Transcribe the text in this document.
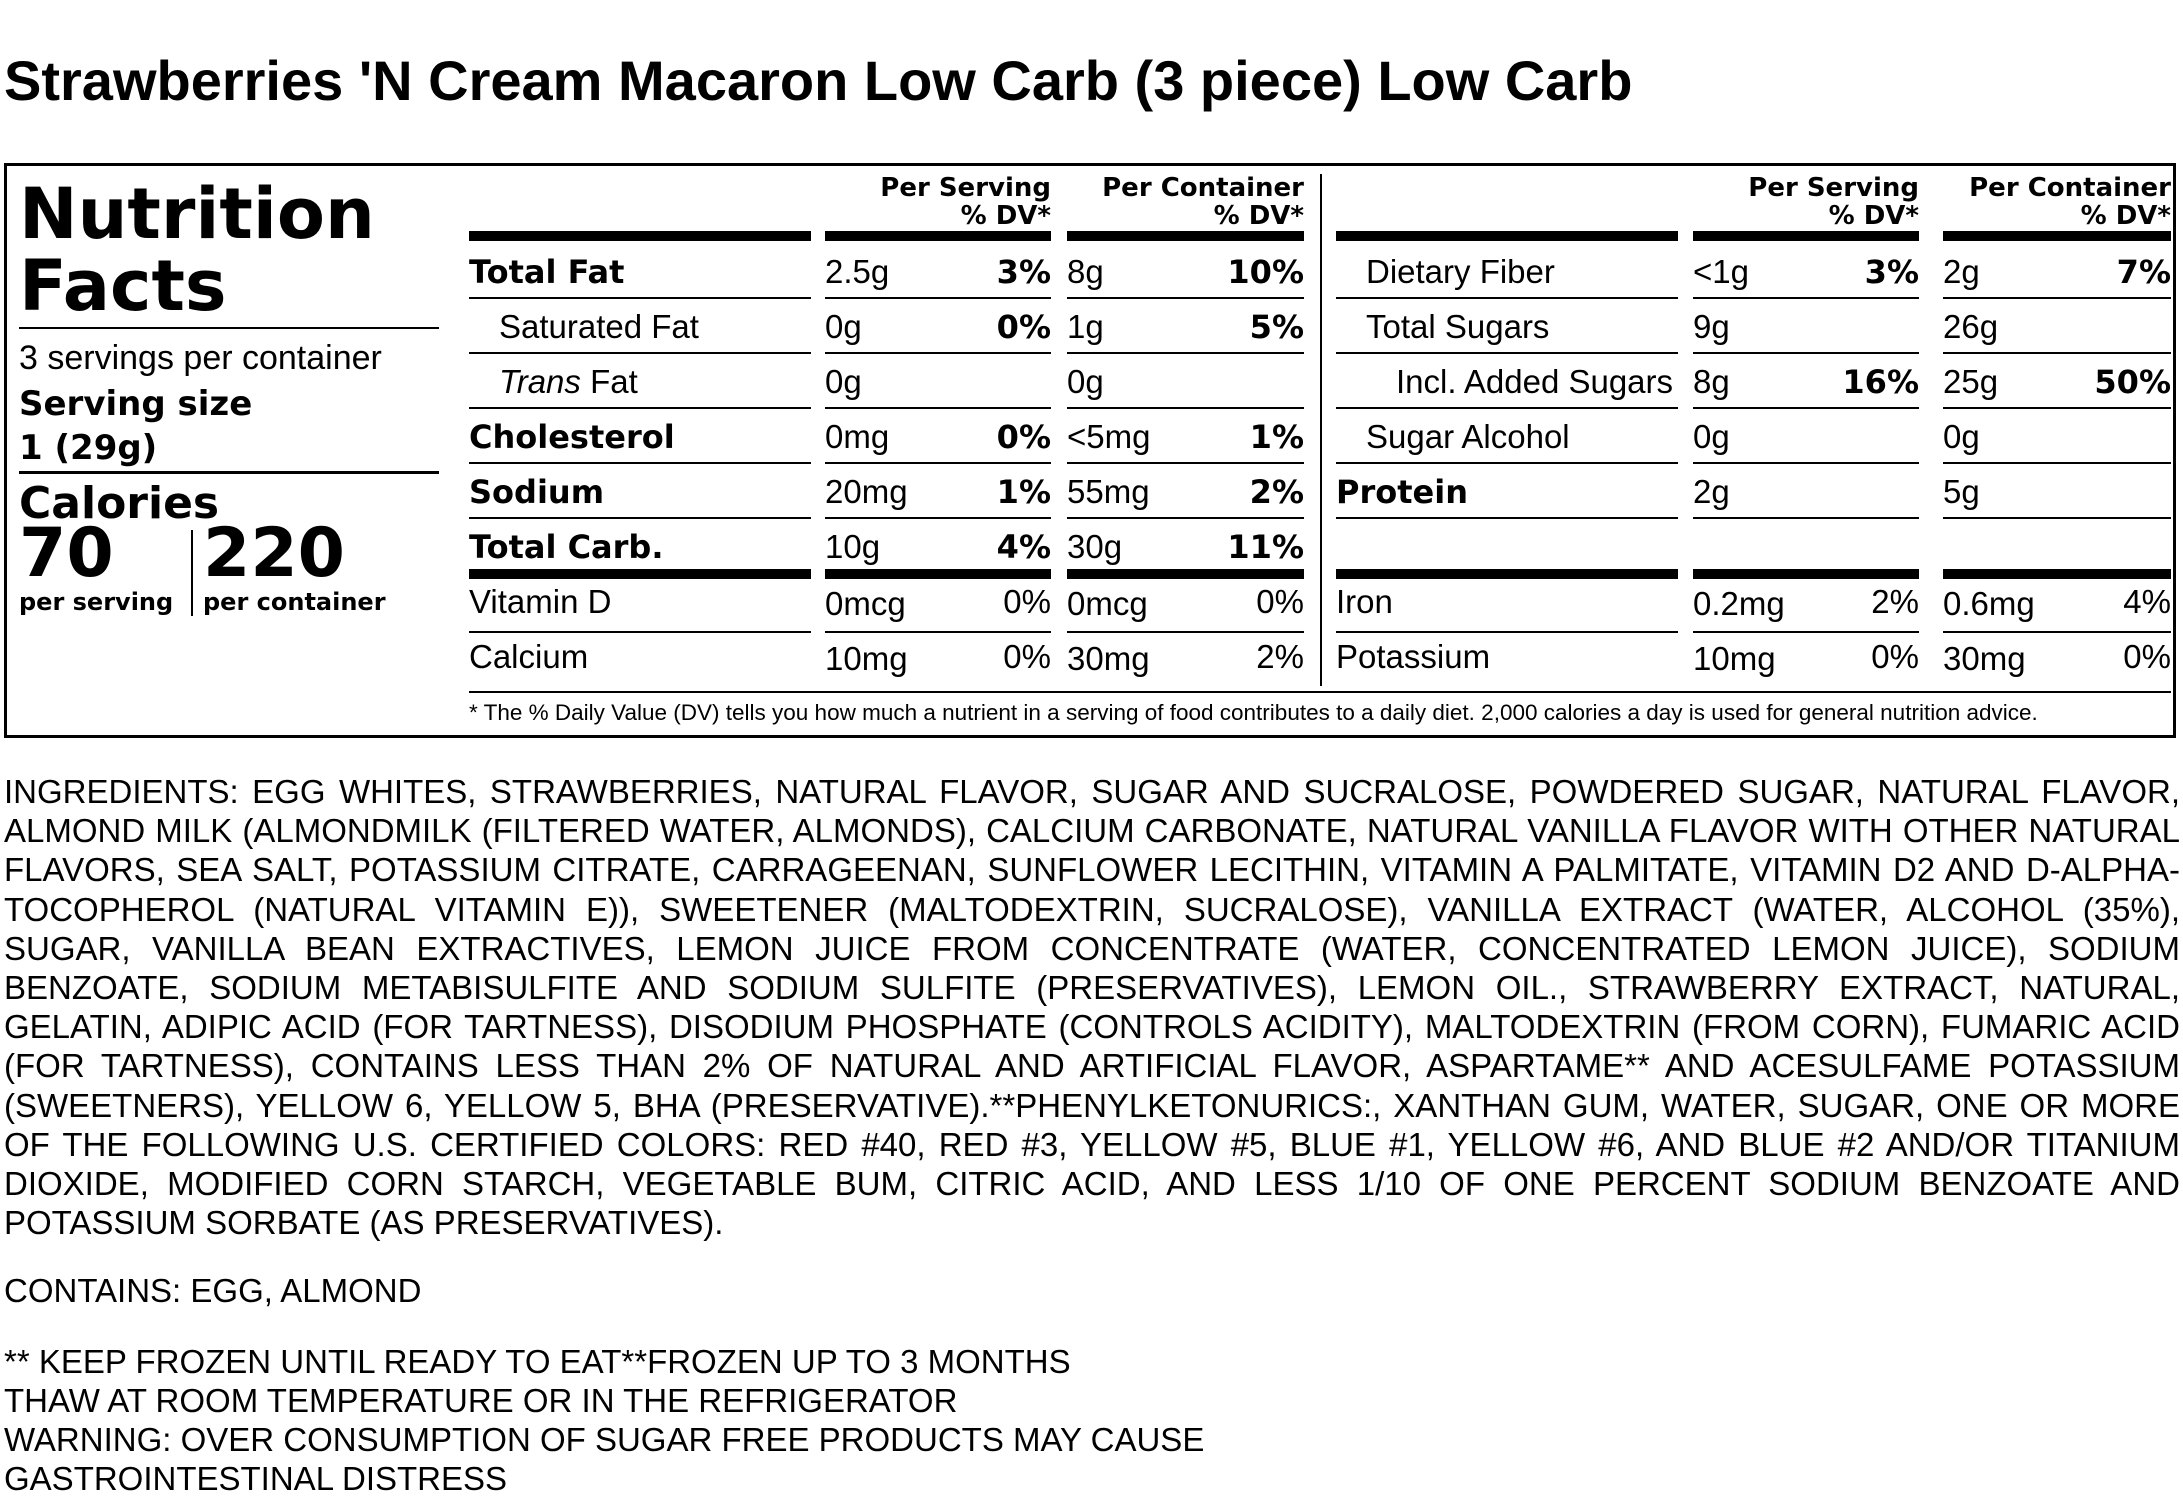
Strawberries 'N Cream Macaron Low Carb (3 piece) Low Carb
Nutrition
Facts
3 servings per container
Serving size
1 (29g)
Calories
70 220
per serving per container
Per Serving
% DV*
Per Container
% DV*
Per Serving
% DV*
Per Container
% DV*
Total Fat	2.5g	3% 8g	10%
Saturated Fat	0g	0% 1g	5%
Trans Fat	0g	0g
Cholesterol	0mg	0% <5mg	1%
Sodium	20mg	1% 55mg	2%
Total Carb.	10g	4% 30g	11%
Vitamin D	0mcg	0% 0mcg	0%
Calcium	10mg	0% 30mg	2%
Dietary Fiber	<1g	3% 2g	7%
Total Sugars	9g	26g
Incl. Added Sugars 8g	16% 25g	50%
Sugar Alcohol	0g	0g
Protein	2g	5g
Iron	0.2mg	2% 0.6mg	4%
Potassium	10mg	0% 30mg	0%
* The % Daily Value (DV) tells you how much a nutrient in a serving of food contributes to a daily diet. 2,000 calories a day is used for general nutrition advice.
INGREDIENTS: EGG WHITES, STRAWBERRIES, NATURAL FLAVOR, SUGAR AND SUCRALOSE, POWDERED SUGAR, NATURAL FLAVOR, ALMOND MILK (ALMONDMILK (FILTERED WATER, ALMONDS), CALCIUM CARBONATE, NATURAL VANILLA FLAVOR WITH OTHER NATURAL FLAVORS, SEA SALT, POTASSIUM CITRATE, CARRAGEENAN, SUNFLOWER LECITHIN, VITAMIN A PALMITATE, VITAMIN D2 AND D-ALPHA-TOCOPHEROL (NATURAL VITAMIN E)), SWEETENER (MALTODEXTRIN, SUCRALOSE), VANILLA EXTRACT (WATER, ALCOHOL (35%), SUGAR, VANILLA BEAN EXTRACTIVES, LEMON JUICE FROM CONCENTRATE (WATER, CONCENTRATED LEMON JUICE), SODIUM BENZOATE, SODIUM METABISULFITE AND SODIUM SULFITE (PRESERVATIVES), LEMON OIL., STRAWBERRY EXTRACT, NATURAL, GELATIN, ADIPIC ACID (FOR TARTNESS), DISODIUM PHOSPHATE (CONTROLS ACIDITY), MALTODEXTRIN (FROM CORN), FUMARIC ACID (FOR TARTNESS), CONTAINS LESS THAN 2% OF NATURAL AND ARTIFICIAL FLAVOR, ASPARTAME** AND ACESULFAME POTASSIUM (SWEETNERS), YELLOW 6, YELLOW 5, BHA (PRESERVATIVE).**PHENYLKETONURICS:, XANTHAN GUM, WATER, SUGAR, ONE OR MORE OF THE FOLLOWING U.S. CERTIFIED COLORS: RED #40, RED #3, YELLOW #5, BLUE #1, YELLOW #6, AND BLUE #2 AND/OR TITANIUM DIOXIDE, MODIFIED CORN STARCH, VEGETABLE BUM, CITRIC ACID, AND LESS 1/10 OF ONE PERCENT SODIUM BENZOATE AND POTASSIUM SORBATE (AS PRESERVATIVES).
CONTAINS: EGG, ALMOND
** KEEP FROZEN UNTIL READY TO EAT**FROZEN UP TO 3 MONTHS
THAW AT ROOM TEMPERATURE OR IN THE REFRIGERATOR
WARNING: OVER CONSUMPTION OF SUGAR FREE PRODUCTS MAY CAUSE
GASTROINTESTINAL DISTRESS
